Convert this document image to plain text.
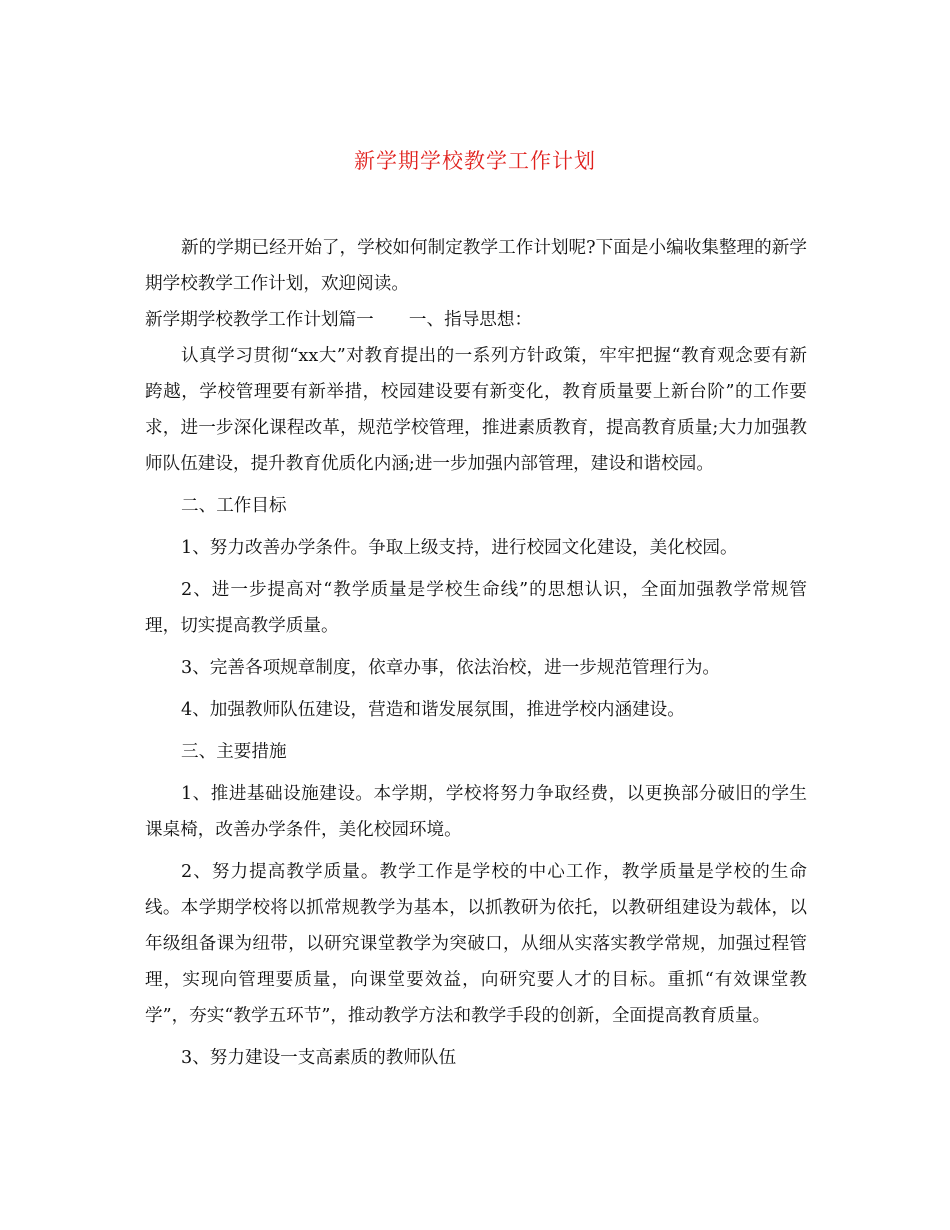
新学期学校教学工作计划

新的学期已经开始了，学校如何制定教学工作计划呢?下面是小编收集整理的新学期学校教学工作计划，欢迎阅读。

新学期学校教学工作计划篇一　　一、指导思想：

认真学习贯彻“xx大”对教育提出的一系列方针政策，牢牢把握“教育观念要有新跨越，学校管理要有新举措，校园建设要有新变化，教育质量要上新台阶”的工作要求，进一步深化课程改革，规范学校管理，推进素质教育，提高教育质量;大力加强教师队伍建设，提升教育优质化内涵;进一步加强内部管理，建设和谐校园。

二、工作目标

1、努力改善办学条件。争取上级支持，进行校园文化建设，美化校园。

2、进一步提高对“教学质量是学校生命线”的思想认识，全面加强教学常规管理，切实提高教学质量。

3、完善各项规章制度，依章办事，依法治校，进一步规范管理行为。

4、加强教师队伍建设，营造和谐发展氛围，推进学校内涵建设。

三、主要措施

1、推进基础设施建设。本学期，学校将努力争取经费，以更换部分破旧的学生课桌椅，改善办学条件，美化校园环境。

2、努力提高教学质量。教学工作是学校的中心工作，教学质量是学校的生命线。本学期学校将以抓常规教学为基本，以抓教研为依托，以教研组建设为载体，以年级组备课为纽带，以研究课堂教学为突破口，从细从实落实教学常规，加强过程管理，实现向管理要质量，向课堂要效益，向研究要人才的目标。重抓“有效课堂教学”，夯实“教学五环节”，推动教学方法和教学手段的创新，全面提高教育质量。

3、努力建设一支高素质的教师队伍
